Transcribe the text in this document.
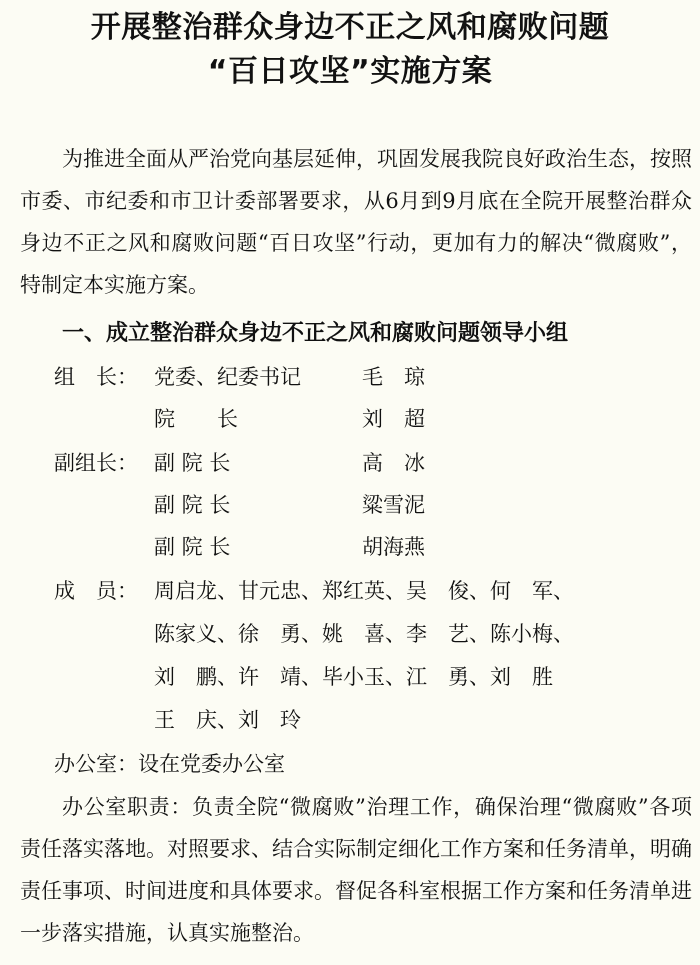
开展整治群众身边不正之风和腐败问题
“百日攻坚”实施方案
为推进全面从严治党向基层延伸，巩固发展我院良好政治生态，按照市委、市纪委和市卫计委部署要求，从6月到9月底在全院开展整治群众身边不正之风和腐败问题“百日攻坚”行动，更加有力的解决“微腐败”，特制定本实施方案。
一、成立整治群众身边不正之风和腐败问题领导小组
组　长： 党委、纪委书记	毛　琼
院　　长	刘　超
副组长： 副 院 长	高　冰
副 院 长	粱雪泥
副 院 长	胡海燕
成　员： 周启龙、甘元忠、郑红英、吴　俊、何　军、
陈家义、徐　勇、姚　喜、李　艺、陈小梅、
刘　鹏、许　靖、毕小玉、江　勇、刘　胜
王　庆、刘　玲
办公室：设在党委办公室
办公室职责：负责全院“微腐败”治理工作，确保治理“微腐败”各项责任落实落地。对照要求、结合实际制定细化工作方案和任务清单，明确责任事项、时间进度和具体要求。督促各科室根据工作方案和任务清单进一步落实措施，认真实施整治。
